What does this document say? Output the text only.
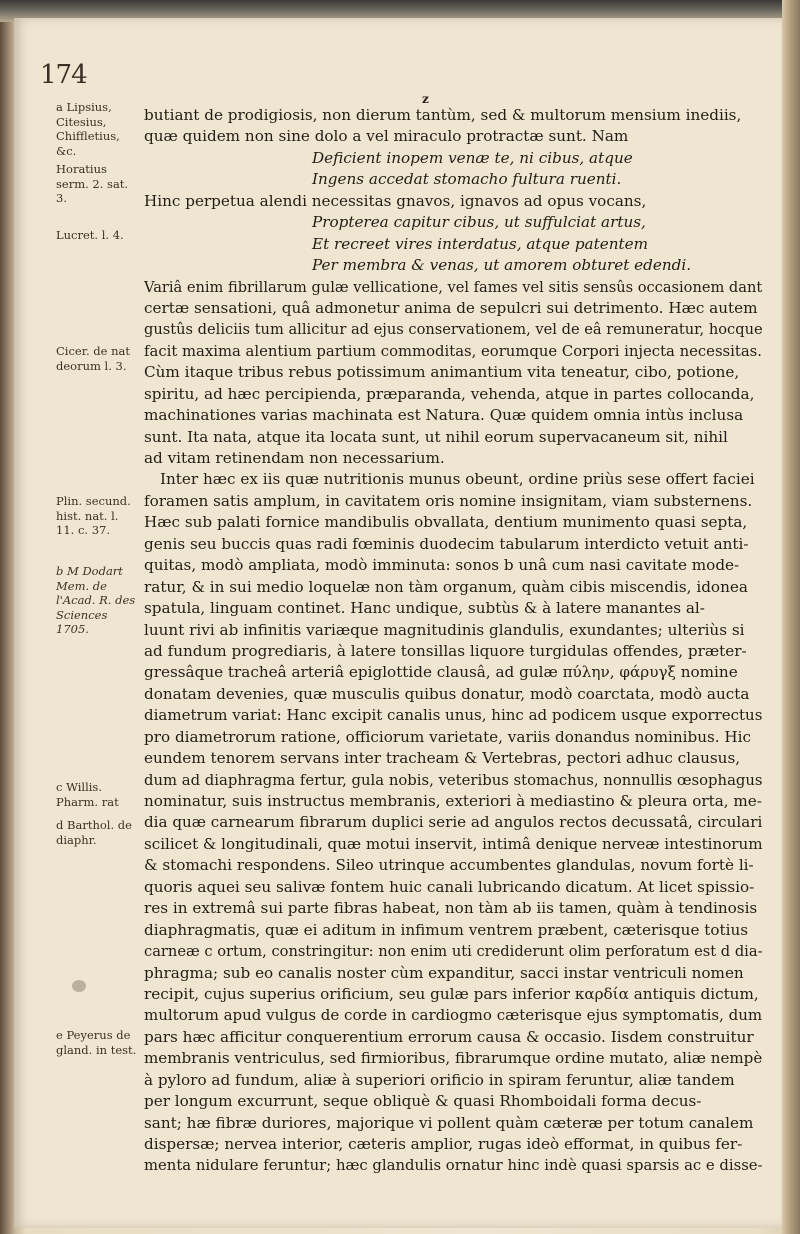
174
z
a Lipsius, Citesius, Chiffletius, &c.
Horatius serm. 2. sat. 3.
Lucret. l. 4.
Cicer. de nat deorum l. 3.
Plin. secund. hist. nat. l. 11. c. 37.
b M Dodart Mem. de l'Acad. R. des Sciences 1705.
c Willis. Pharm. rat
d Barthol. de diaphr.
e Peyerus de gland. in test.
butiant de prodigiosis, non dierum tantùm, sed & multorum mensium inediis,
quæ quidem non sine dolo a vel miraculo protractæ sunt. Nam
Deficient inopem venæ te, ni cibus, atque
Ingens accedat stomacho fultura ruenti.
Hinc perpetua alendi necessitas gnavos, ignavos ad opus vocans,
Propterea capitur cibus, ut suffulciat artus,
Et recreet vires interdatus, atque patentem
Per membra & venas, ut amorem obturet edendi.
Variâ enim fibrillarum gulæ vellicatione, vel fames vel sitis sensûs occasionem dant
certæ sensationi, quâ admonetur anima de sepulcri sui detrimento. Hæc autem
gustûs deliciis tum allicitur ad ejus conservationem, vel de eâ remuneratur, hocque
facit maxima alentium partium commoditas, eorumque Corpori injecta necessitas.
Cùm itaque tribus rebus potissimum animantium vita teneatur, cibo, potione,
spiritu, ad hæc percipienda, præparanda, vehenda, atque in partes collocanda,
machinationes varias machinata est Natura. Quæ quidem omnia intùs inclusa
sunt. Ita nata, atque ita locata sunt, ut nihil eorum supervacaneum sit, nihil
ad vitam retinendam non necessarium.
Inter hæc ex iis quæ nutritionis munus obeunt, ordine priùs sese offert faciei
foramen satis amplum, in cavitatem oris nomine insignitam, viam substernens.
Hæc sub palati fornice mandibulis obvallata, dentium munimento quasi septa,
genis seu buccis quas radi fœminis duodecim tabularum interdicto vetuit anti-
quitas, modò ampliata, modò imminuta: sonos b unâ cum nasi cavitate mode-
ratur, & in sui medio loquelæ non tàm organum, quàm cibis miscendis, idonea
spatula, linguam continet. Hanc undique, subtùs & à latere manantes al-
luunt rivi ab infinitis variæque magnitudinis glandulis, exundantes; ulteriùs si
ad fundum progrediaris, à latere tonsillas liquore turgidulas offendes, præter-
gressâque tracheâ arteriâ epiglottide clausâ, ad gulæ πύλην, φάρυγξ nomine
donatam devenies, quæ musculis quibus donatur, modò coarctata, modò aucta
diametrum variat: Hanc excipit canalis unus, hinc ad podicem usque exporrectus
pro diametrorum ratione, officiorum varietate, variis donandus nominibus. Hic
eundem tenorem servans inter tracheam & Vertebras, pectori adhuc clausus,
dum ad diaphragma fertur, gula nobis, veteribus stomachus, nonnullis œsophagus
nominatur, suis instructus membranis, exteriori à mediastino & pleura orta, me-
dia quæ carnearum fibrarum duplici serie ad angulos rectos decussatâ, circulari
scilicet & longitudinali, quæ motui inservit, intimâ denique nerveæ intestinorum
& stomachi respondens. Sileo utrinque accumbentes glandulas, novum fortè li-
quoris aquei seu salivæ fontem huic canali lubricando dicatum. At licet spissio-
res in extremâ sui parte fibras habeat, non tàm ab iis tamen, quàm à tendinosis
diaphragmatis, quæ ei aditum in infimum ventrem præbent, cæterisque totius
carneæ c ortum, constringitur: non enim uti crediderunt olim perforatum est d dia-
phragma; sub eo canalis noster cùm expanditur, sacci instar ventriculi nomen
recipit, cujus superius orificium, seu gulæ pars inferior καρδία antiquis dictum,
multorum apud vulgus de corde in cardiogmo cæterisque ejus symptomatis, dum
pars hæc afficitur conquerentium errorum causa & occasio. Iisdem construitur
membranis ventriculus, sed firmioribus, fibrarumque ordine mutato, aliæ nempè
à pyloro ad fundum, aliæ à superiori orificio in spiram feruntur, aliæ tandem
per longum excurrunt, seque obliquè & quasi Rhomboidali forma decus-
sant; hæ fibræ duriores, majorique vi pollent quàm cæteræ per totum canalem
dispersæ; nervea interior, cæteris amplior, rugas ideò efformat, in quibus fer-
menta nidulare feruntur; hæc glandulis ornatur hinc indè quasi sparsis ac e disse-
